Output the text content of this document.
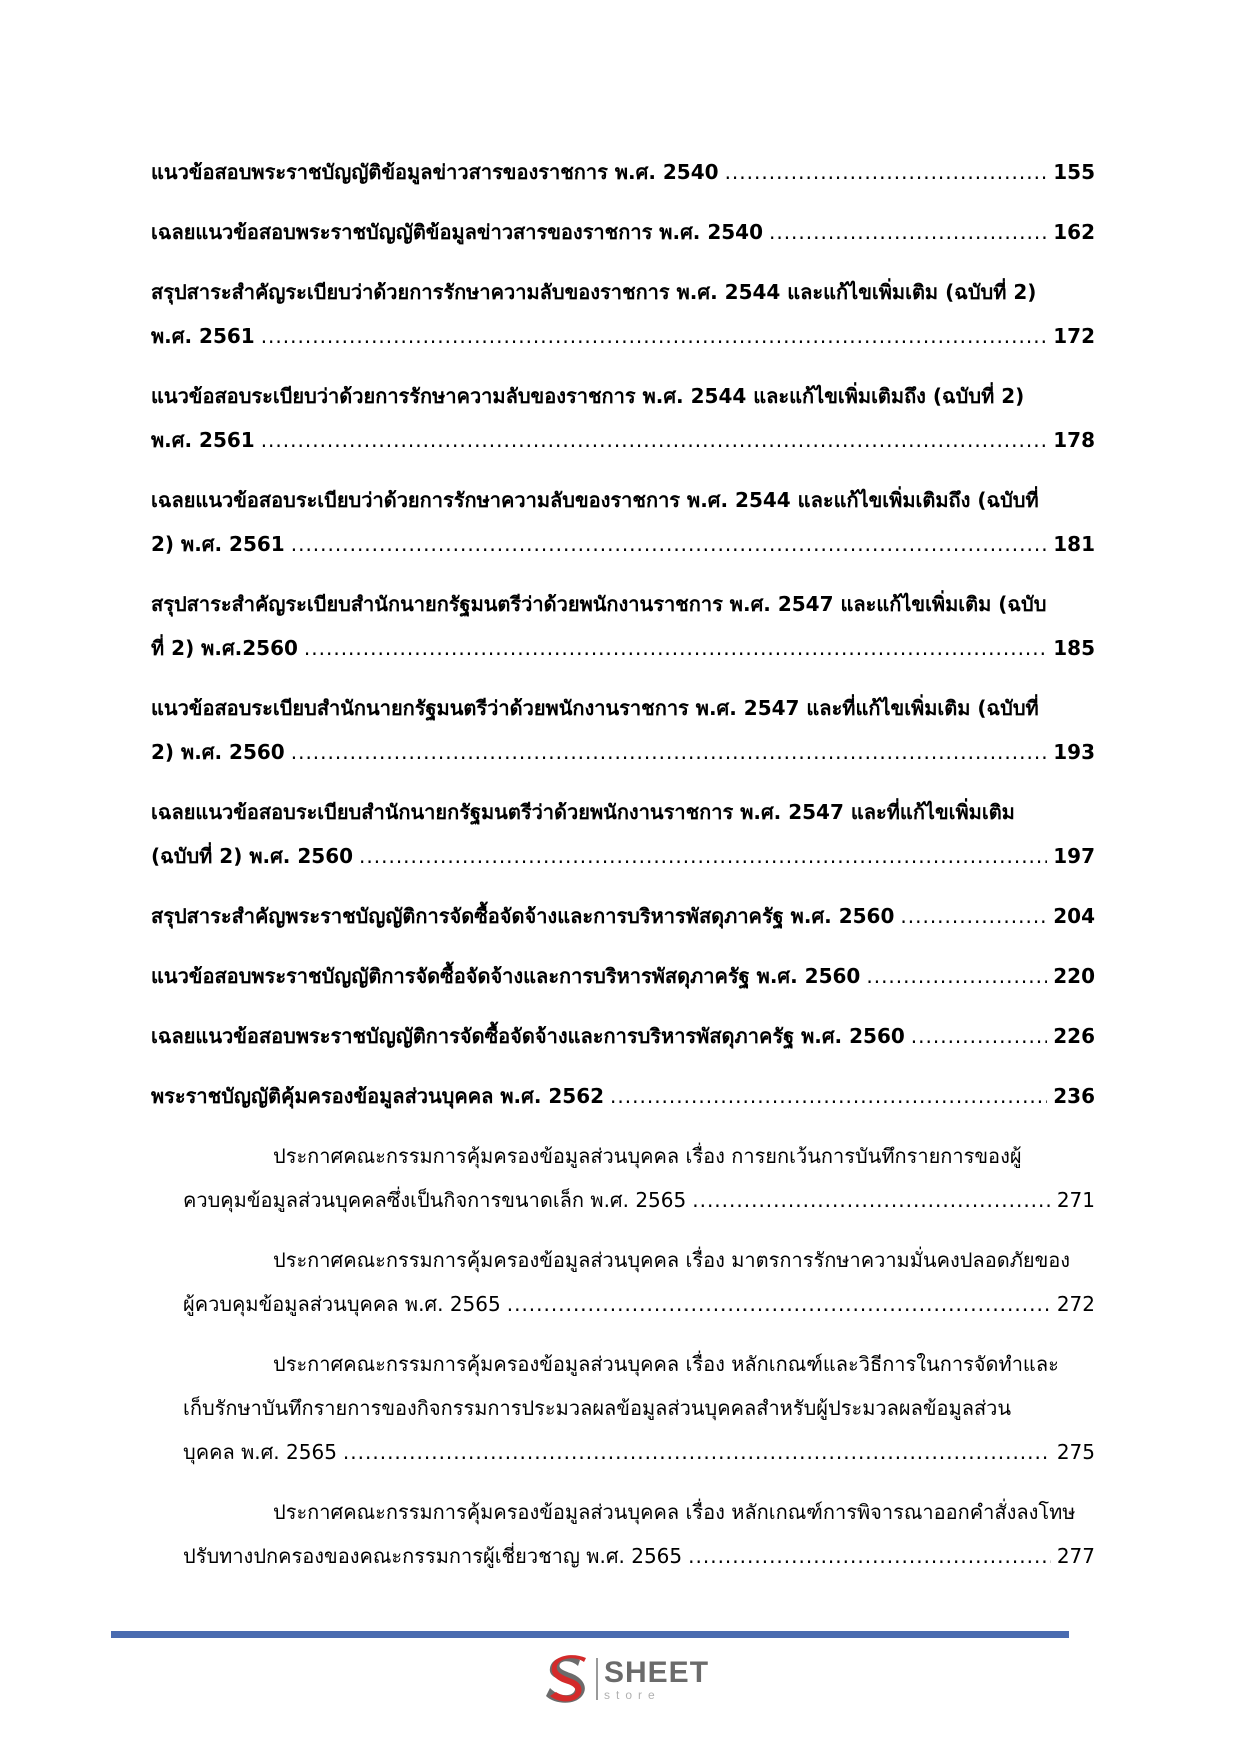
แนวข้อสอบพระราชบัญญัติข้อมูลข่าวสารของราชการ พ.ศ. 2540 .....	155
เฉลยแนวข้อสอบพระราชบัญญัติข้อมูลข่าวสารของราชการ พ.ศ. 2540 .....	162
สรุปสาระสำคัญระเบียบว่าด้วยการรักษาความลับของราชการ พ.ศ. 2544 และแก้ไขเพิ่มเติม (ฉบับที่ 2)
พ.ศ. 2561 .....	172
แนวข้อสอบระเบียบว่าด้วยการรักษาความลับของราชการ พ.ศ. 2544 และแก้ไขเพิ่มเติมถึง (ฉบับที่ 2)
พ.ศ. 2561 .....	178
เฉลยแนวข้อสอบระเบียบว่าด้วยการรักษาความลับของราชการ พ.ศ. 2544 และแก้ไขเพิ่มเติมถึง (ฉบับที่
2) พ.ศ. 2561 .....	181
สรุปสาระสำคัญระเบียบสำนักนายกรัฐมนตรีว่าด้วยพนักงานราชการ พ.ศ. 2547 และแก้ไขเพิ่มเติม (ฉบับ
ที่ 2) พ.ศ.2560 .....	185
แนวข้อสอบระเบียบสำนักนายกรัฐมนตรีว่าด้วยพนักงานราชการ พ.ศ. 2547 และที่แก้ไขเพิ่มเติม (ฉบับที่
2) พ.ศ. 2560 .....	193
เฉลยแนวข้อสอบระเบียบสำนักนายกรัฐมนตรีว่าด้วยพนักงานราชการ พ.ศ. 2547 และที่แก้ไขเพิ่มเติม
(ฉบับที่ 2) พ.ศ. 2560 .....	197
สรุปสาระสำคัญพระราชบัญญัติการจัดซื้อจัดจ้างและการบริหารพัสดุภาครัฐ พ.ศ. 2560 .....	204
แนวข้อสอบพระราชบัญญัติการจัดซื้อจัดจ้างและการบริหารพัสดุภาครัฐ พ.ศ. 2560 .....	220
เฉลยแนวข้อสอบพระราชบัญญัติการจัดซื้อจัดจ้างและการบริหารพัสดุภาครัฐ พ.ศ. 2560 .....	226
พระราชบัญญัติคุ้มครองข้อมูลส่วนบุคคล พ.ศ. 2562 .....	236
ประกาศคณะกรรมการคุ้มครองข้อมูลส่วนบุคคล เรื่อง การยกเว้นการบันทึกรายการของผู้
ควบคุมข้อมูลส่วนบุคคลซึ่งเป็นกิจการขนาดเล็ก พ.ศ. 2565 .....	271
ประกาศคณะกรรมการคุ้มครองข้อมูลส่วนบุคคล เรื่อง มาตรการรักษาความมั่นคงปลอดภัยของ
ผู้ควบคุมข้อมูลส่วนบุคคล พ.ศ. 2565 .....	272
ประกาศคณะกรรมการคุ้มครองข้อมูลส่วนบุคคล เรื่อง หลักเกณฑ์และวิธีการในการจัดทำและ
เก็บรักษาบันทึกรายการของกิจกรรมการประมวลผลข้อมูลส่วนบุคคลสำหรับผู้ประมวลผลข้อมูลส่วน
บุคคล พ.ศ. 2565 .....	275
ประกาศคณะกรรมการคุ้มครองข้อมูลส่วนบุคคล เรื่อง หลักเกณฑ์การพิจารณาออกคำสั่งลงโทษ
ปรับทางปกครองของคณะกรรมการผู้เชี่ยวชาญ พ.ศ. 2565 .....	277
SHEET
store
